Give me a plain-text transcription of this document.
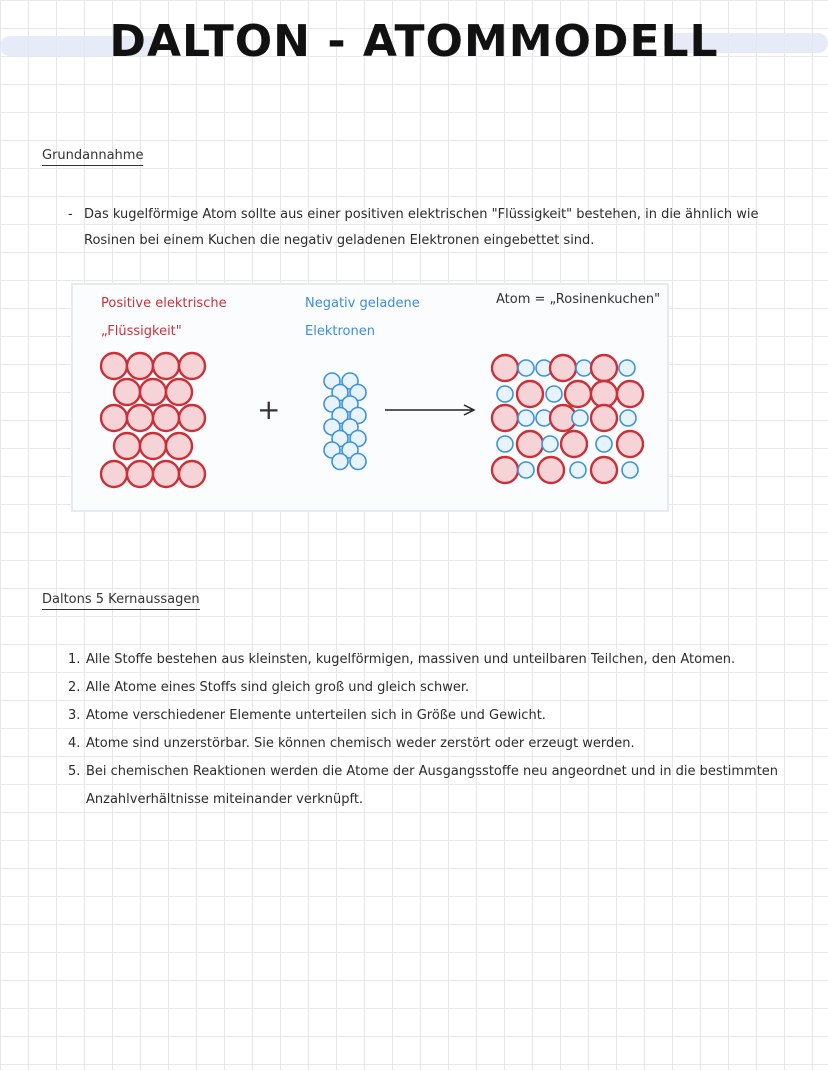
DALTON - ATOMMODELL
Grundannahme
- Das kugelförmige Atom sollte aus einer positiven elektrischen "Flüssigkeit" bestehen, in die ähnlich wie
Rosinen bei einem Kuchen die negativ geladenen Elektronen eingebettet sind.
Positive elektrische
„Flüssigkeit"
Negativ geladene
Elektronen
Atom = „Rosinenkuchen"
+
Daltons 5 Kernaussagen
1. Alle Stoffe bestehen aus kleinsten, kugelförmigen, massiven und unteilbaren Teilchen, den Atomen.
2. Alle Atome eines Stoffs sind gleich groß und gleich schwer.
3. Atome verschiedener Elemente unterteilen sich in Größe und Gewicht.
4. Atome sind unzerstörbar. Sie können chemisch weder zerstört oder erzeugt werden.
5. Bei chemischen Reaktionen werden die Atome der Ausgangsstoffe neu angeordnet und in die bestimmten Anzahlverhältnisse miteinander verknüpft.
